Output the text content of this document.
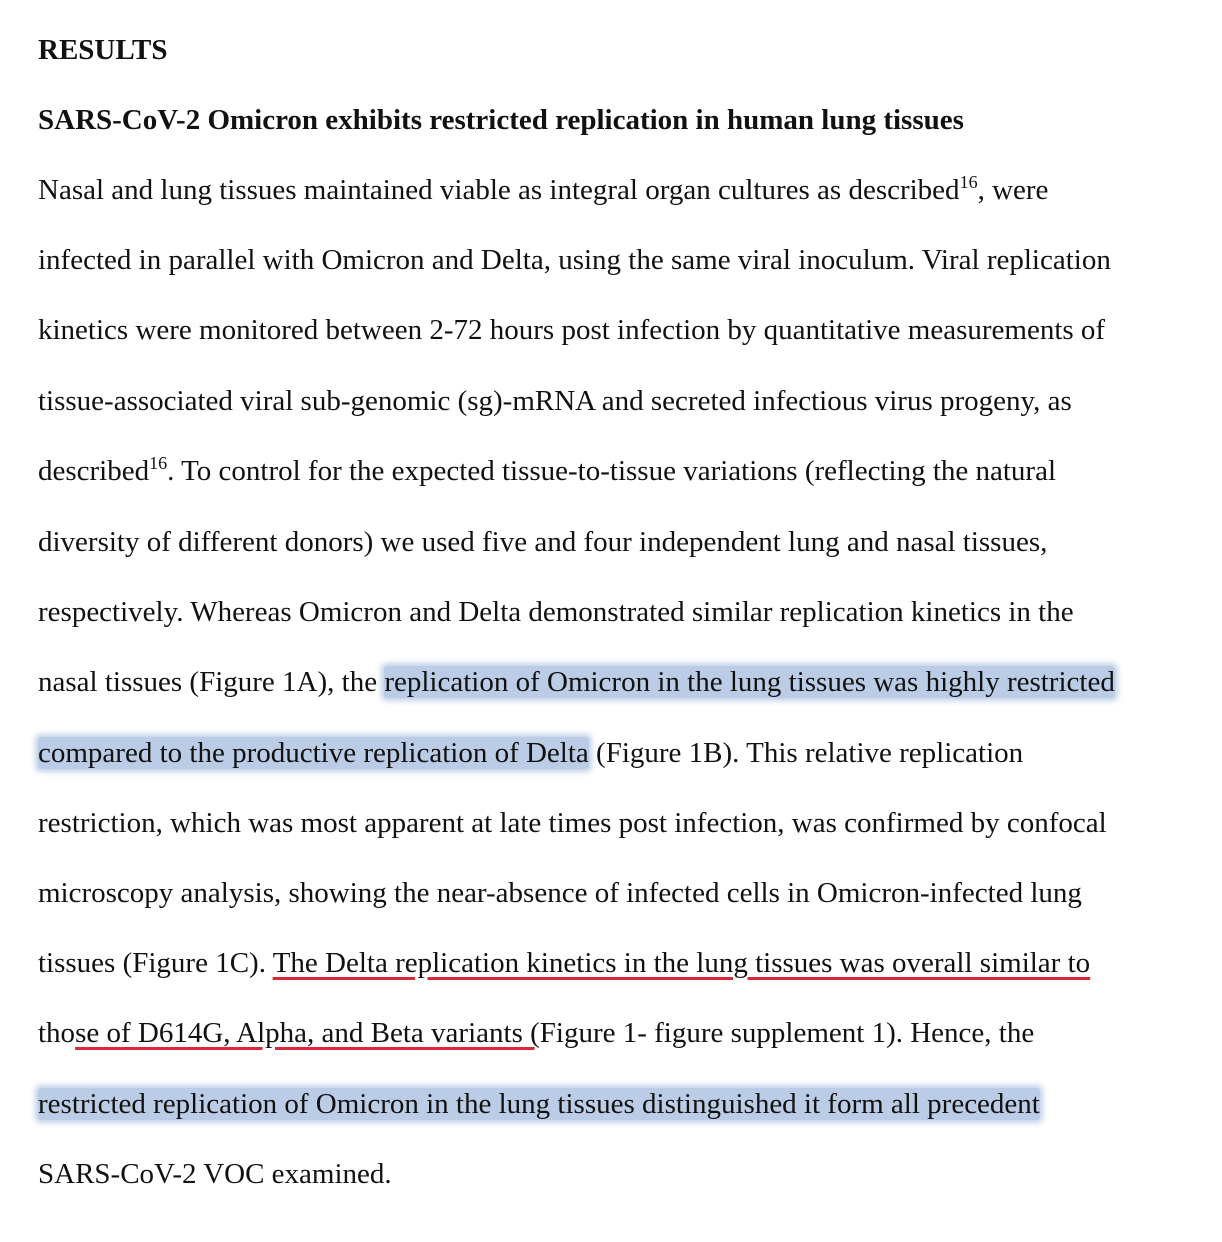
RESULTS
SARS-CoV-2 Omicron exhibits restricted replication in human lung tissues
Nasal and lung tissues maintained viable as integral organ cultures as described$^{16}$, were
infected in parallel with Omicron and Delta, using the same viral inoculum. Viral replication
kinetics were monitored between 2-72 hours post infection by quantitative measurements of
tissue-associated viral sub-genomic (sg)-mRNA and secreted infectious virus progeny, as
described$^{16}$. To control for the expected tissue-to-tissue variations (reflecting the natural
diversity of different donors) we used five and four independent lung and nasal tissues,
respectively. Whereas Omicron and Delta demonstrated similar replication kinetics in the
nasal tissues (Figure 1A), the replication of Omicron in the lung tissues was highly restricted
compared to the productive replication of Delta (Figure 1B). This relative replication
restriction, which was most apparent at late times post infection, was confirmed by confocal
microscopy analysis, showing the near-absence of infected cells in Omicron-infected lung
tissues (Figure 1C). The Delta replication kinetics in the lung tissues was overall similar to
those of D614G, Alpha, and Beta variants (Figure 1- figure supplement 1). Hence, the
restricted replication of Omicron in the lung tissues distinguished it form all precedent
SARS-CoV-2 VOC examined.
